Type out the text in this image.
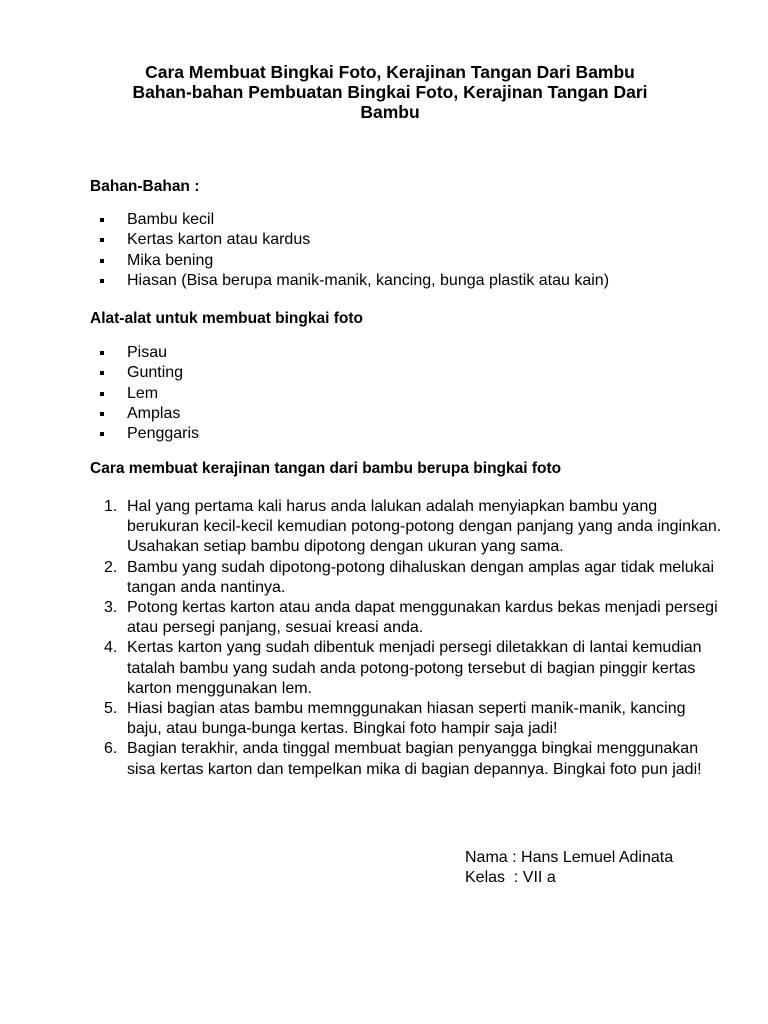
Cara Membuat Bingkai Foto, Kerajinan Tangan Dari Bambu
Bahan-bahan Pembuatan Bingkai Foto, Kerajinan Tangan Dari
Bambu
Bahan-Bahan :
Bambu kecil
Kertas karton atau kardus
Mika bening
Hiasan (Bisa berupa manik-manik, kancing, bunga plastik atau kain)
Alat-alat untuk membuat bingkai foto
Pisau
Gunting
Lem
Amplas
Penggaris
Cara membuat kerajinan tangan dari bambu berupa bingkai foto
1. Hal yang pertama kali harus anda lalukan adalah menyiapkan bambu yang berukuran kecil-kecil kemudian potong-potong dengan panjang yang anda inginkan. Usahakan setiap bambu dipotong dengan ukuran yang sama.
2. Bambu yang sudah dipotong-potong dihaluskan dengan amplas agar tidak melukai tangan anda nantinya.
3. Potong kertas karton atau anda dapat menggunakan kardus bekas menjadi persegi atau persegi panjang, sesuai kreasi anda.
4. Kertas karton yang sudah dibentuk menjadi persegi diletakkan di lantai kemudian tatalah bambu yang sudah anda potong-potong tersebut di bagian pinggir kertas karton menggunakan lem.
5. Hiasi bagian atas bambu memnggunakan hiasan seperti manik-manik, kancing baju, atau bunga-bunga kertas. Bingkai foto hampir saja jadi!
6. Bagian terakhir, anda tinggal membuat bagian penyangga bingkai menggunakan sisa kertas karton dan tempelkan mika di bagian depannya. Bingkai foto pun jadi!
Nama : Hans Lemuel Adinata
Kelas  : VII a
